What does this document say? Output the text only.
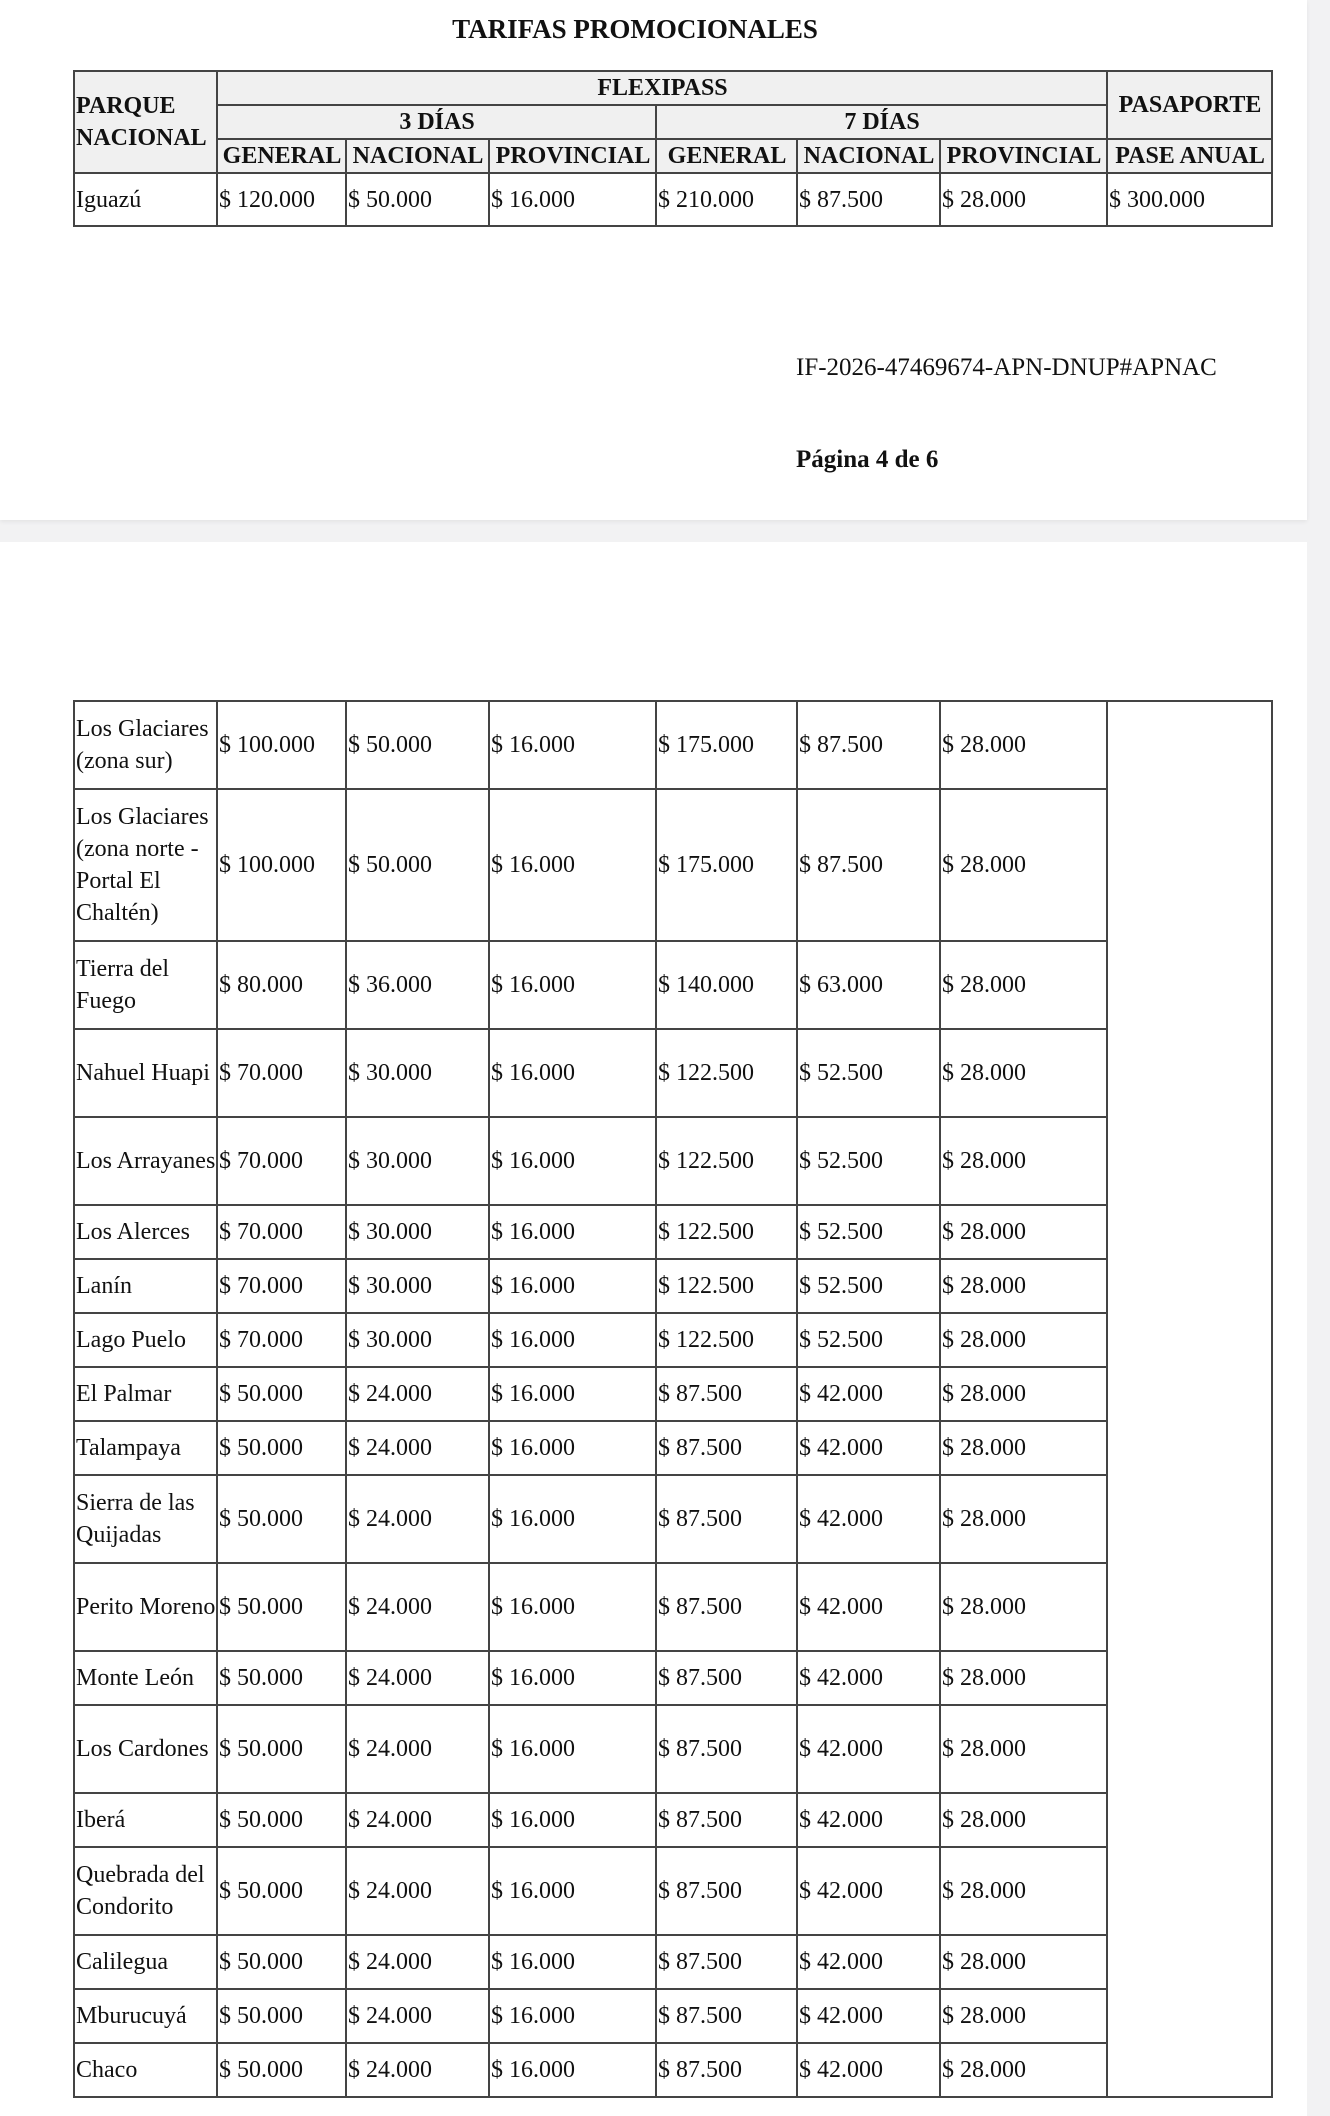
TARIFAS PROMOCIONALES
PARQUE NACIONAL	FLEXIPASS						PASAPORTE
	3 DÍAS			7 DÍAS			
	GENERAL	NACIONAL	PROVINCIAL	GENERAL	NACIONAL	PROVINCIAL	PASE ANUAL
Iguazú	$ 120.000	$ 50.000	$ 16.000	$ 210.000	$ 87.500	$ 28.000	$ 300.000
IF-2026-47469674-APN-DNUP#APNAC
Página 4 de 6
Los Glaciares (zona sur)	$ 100.000	$ 50.000	$ 16.000	$ 175.000	$ 87.500	$ 28.000	
Los Glaciares (zona norte - Portal El Chaltén)	$ 100.000	$ 50.000	$ 16.000	$ 175.000	$ 87.500	$ 28.000	
Tierra del Fuego	$ 80.000	$ 36.000	$ 16.000	$ 140.000	$ 63.000	$ 28.000	
Nahuel Huapi	$ 70.000	$ 30.000	$ 16.000	$ 122.500	$ 52.500	$ 28.000	
Los Arrayanes	$ 70.000	$ 30.000	$ 16.000	$ 122.500	$ 52.500	$ 28.000	
Los Alerces	$ 70.000	$ 30.000	$ 16.000	$ 122.500	$ 52.500	$ 28.000	
Lanín	$ 70.000	$ 30.000	$ 16.000	$ 122.500	$ 52.500	$ 28.000	
Lago Puelo	$ 70.000	$ 30.000	$ 16.000	$ 122.500	$ 52.500	$ 28.000	
El Palmar	$ 50.000	$ 24.000	$ 16.000	$ 87.500	$ 42.000	$ 28.000	
Talampaya	$ 50.000	$ 24.000	$ 16.000	$ 87.500	$ 42.000	$ 28.000	
Sierra de las Quijadas	$ 50.000	$ 24.000	$ 16.000	$ 87.500	$ 42.000	$ 28.000	
Perito Moreno	$ 50.000	$ 24.000	$ 16.000	$ 87.500	$ 42.000	$ 28.000	
Monte León	$ 50.000	$ 24.000	$ 16.000	$ 87.500	$ 42.000	$ 28.000	
Los Cardones	$ 50.000	$ 24.000	$ 16.000	$ 87.500	$ 42.000	$ 28.000	
Iberá	$ 50.000	$ 24.000	$ 16.000	$ 87.500	$ 42.000	$ 28.000	
Quebrada del Condorito	$ 50.000	$ 24.000	$ 16.000	$ 87.500	$ 42.000	$ 28.000	
Calilegua	$ 50.000	$ 24.000	$ 16.000	$ 87.500	$ 42.000	$ 28.000	
Mburucuyá	$ 50.000	$ 24.000	$ 16.000	$ 87.500	$ 42.000	$ 28.000	
Chaco	$ 50.000	$ 24.000	$ 16.000	$ 87.500	$ 42.000	$ 28.000	
